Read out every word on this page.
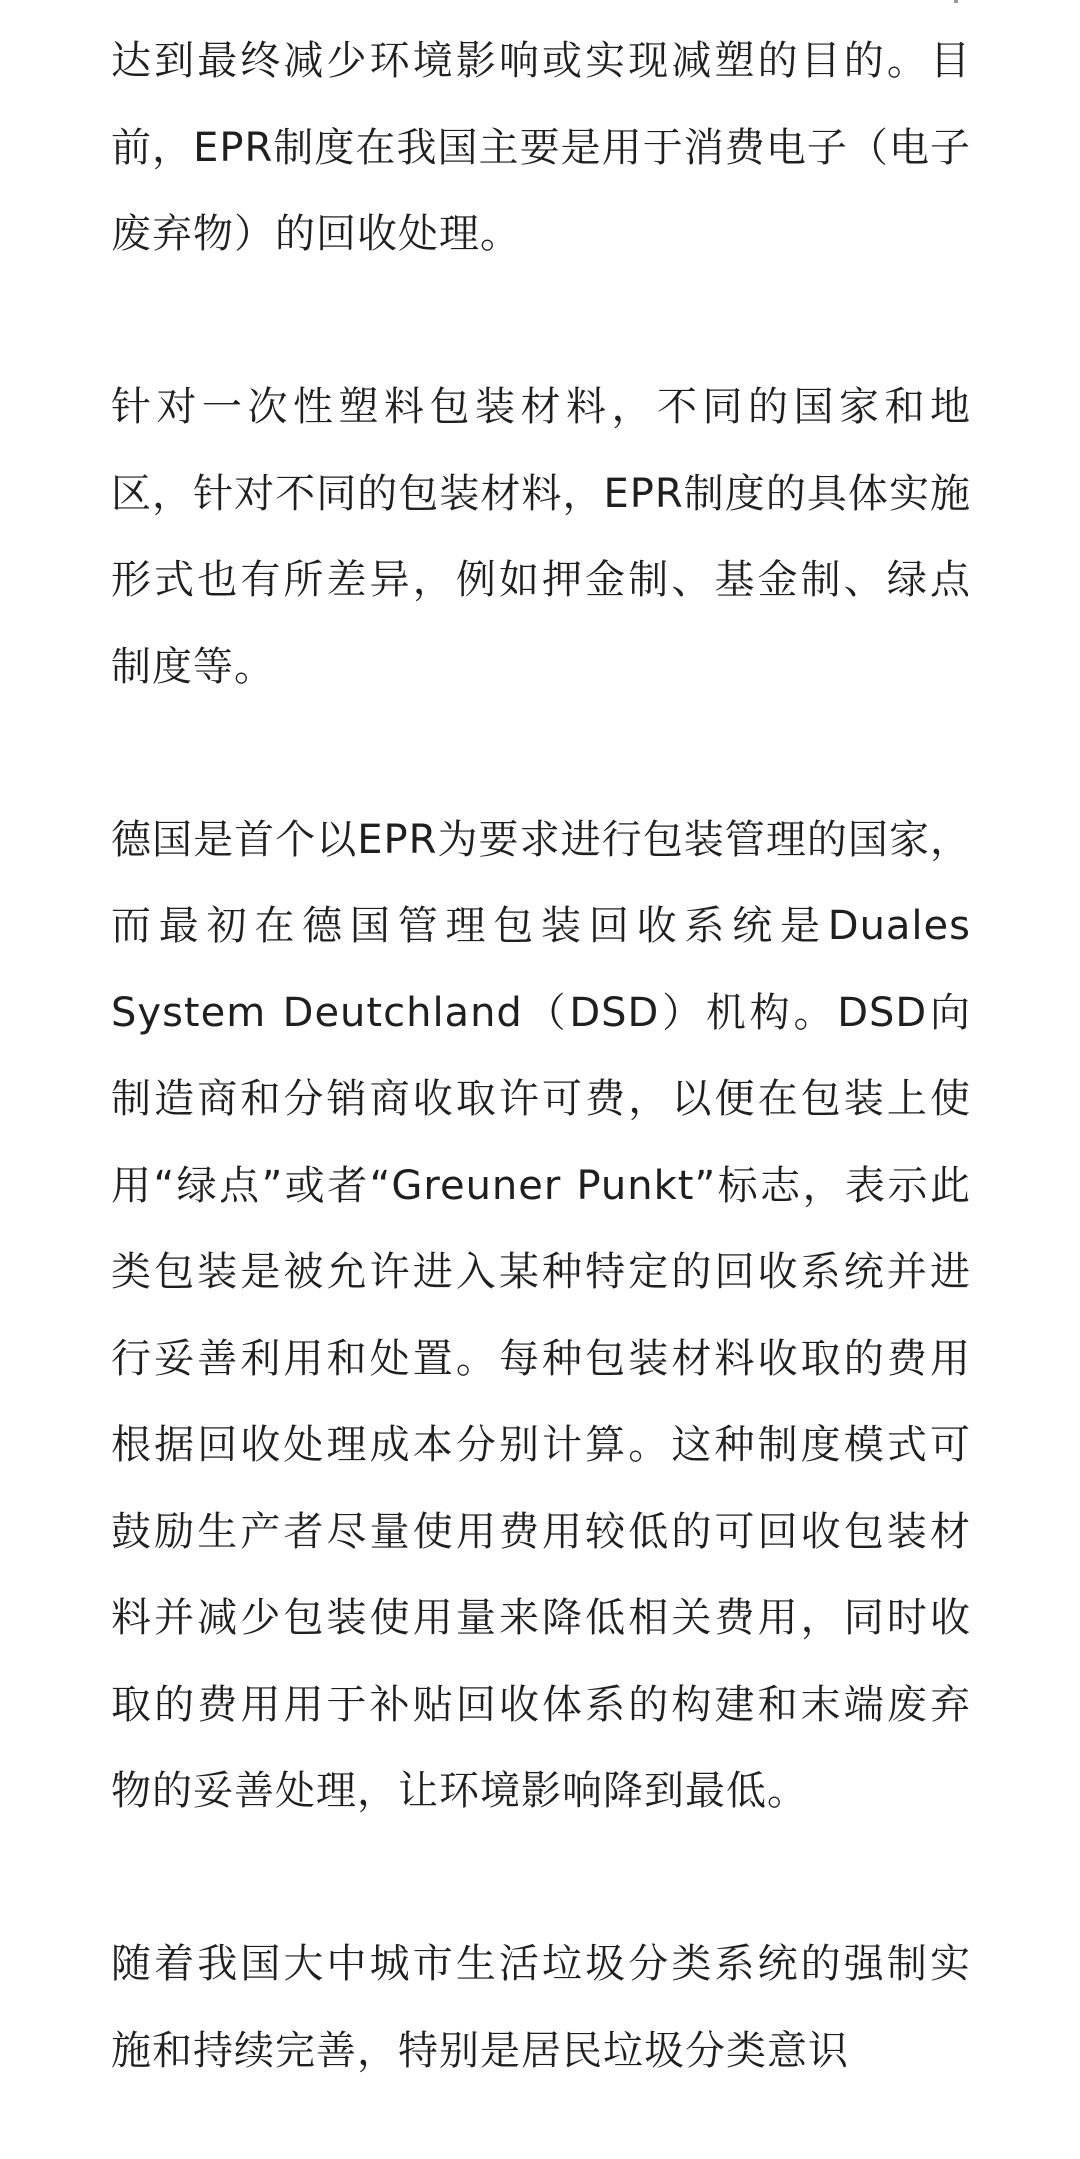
达到最终减少环境影响或实现减塑的目的。目前，EPR制度在我国主要是用于消费电子（电子废弃物）的回收处理。

针对一次性塑料包装材料，不同的国家和地区，针对不同的包装材料，EPR制度的具体实施形式也有所差异，例如押金制、基金制、绿点制度等。

德国是首个以EPR为要求进行包装管理的国家，而最初在德国管理包装回收系统是Duales System Deutchland（DSD）机构。DSD向制造商和分销商收取许可费，以便在包装上使用“绿点”或者“Greuner Punkt”标志，表示此类包装是被允许进入某种特定的回收系统并进行妥善利用和处置。每种包装材料收取的费用根据回收处理成本分别计算。这种制度模式可鼓励生产者尽量使用费用较低的可回收包装材料并减少包装使用量来降低相关费用，同时收取的费用用于补贴回收体系的构建和末端废弃物的妥善处理，让环境影响降到最低。

随着我国大中城市生活垃圾分类系统的强制实施和持续完善，特别是居民垃圾分类意识
